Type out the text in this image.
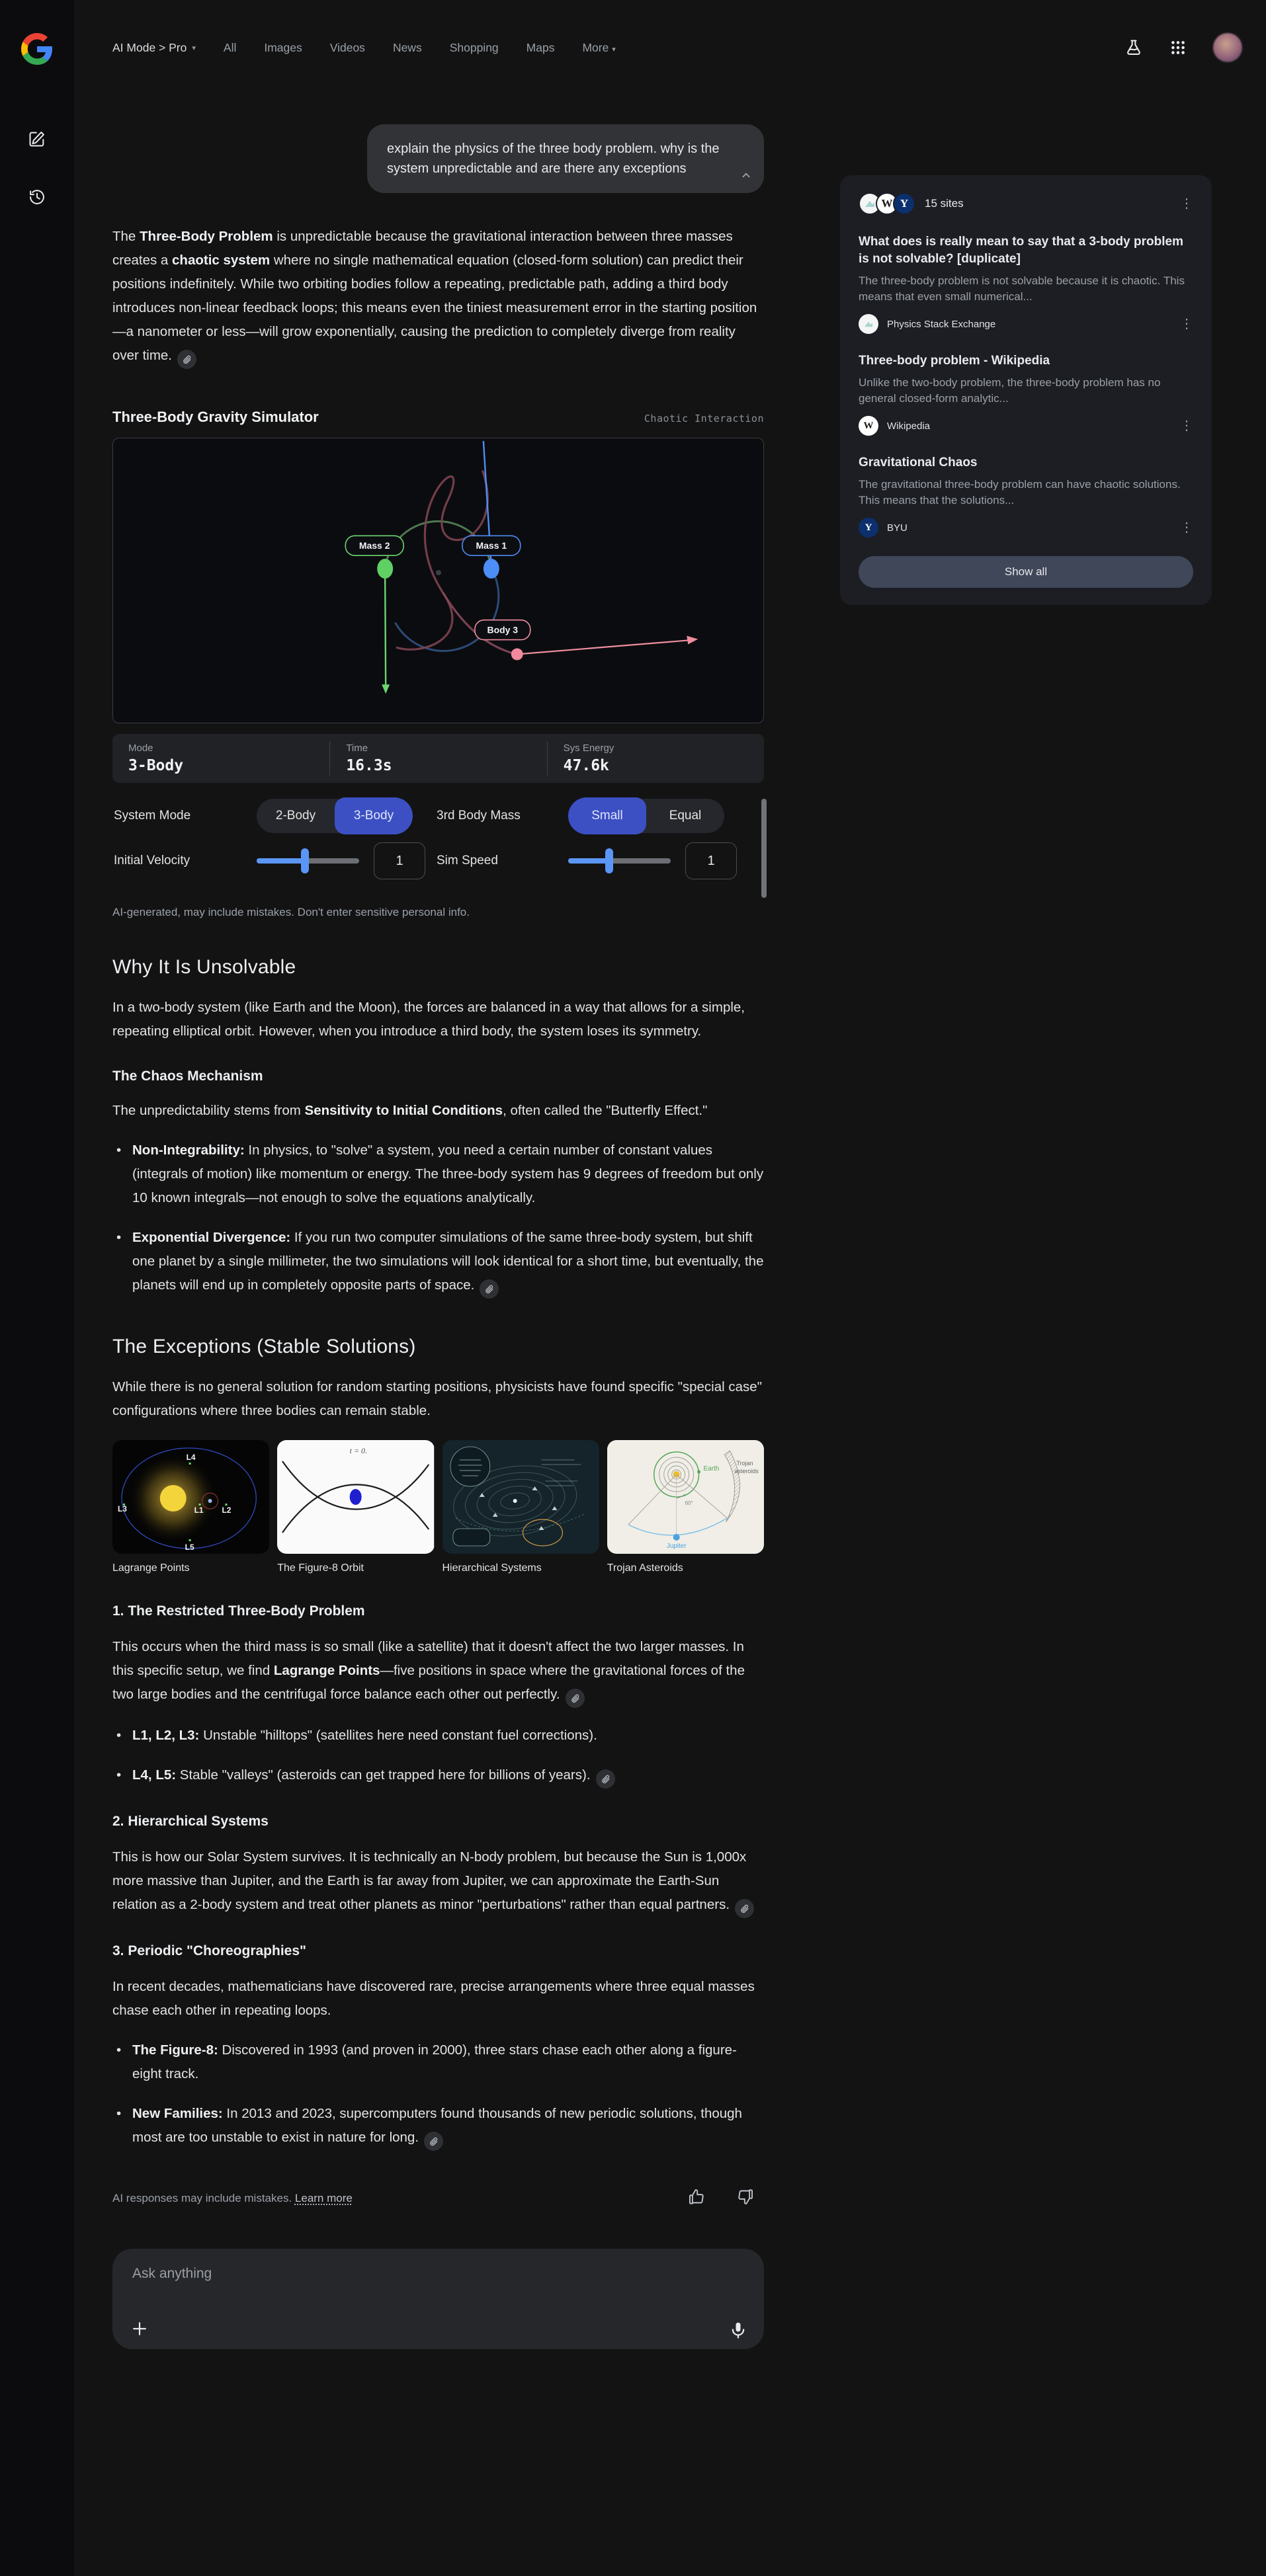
AI Mode > Pro ▾ All Images Videos News Shopping Maps More ▾
explain the physics of the three body problem. why is the system unpredictable and are there any exceptions

The Three-Body Problem is unpredictable because the gravitational interaction between three masses creates a chaotic system where no single mathematical equation (closed-form solution) can predict their positions indefinitely. While two orbiting bodies follow a repeating, predictable path, adding a third body introduces non-linear feedback loops; this means even the tiniest measurement error in the starting position—a nanometer or less—will grow exponentially, causing the prediction to completely diverge from reality over time.

Three-Body Gravity Simulator	Chaotic Interaction
Mass 2	Mass 1
Body 3
Mode
3-Body
Time
16.3s
Sys Energy
47.6k
System Mode	2-Body	3-Body	3rd Body Mass	Small	Equal
Initial Velocity
1	Sim Speed
1
AI-generated, may include mistakes. Don't enter sensitive personal info.
Why It Is Unsolvable

In a two-body system (like Earth and the Moon), the forces are balanced in a way that allows for a simple, repeating elliptical orbit. However, when you introduce a third body, the system loses its symmetry.

The Chaos Mechanism

The unpredictability stems from Sensitivity to Initial Conditions, often called the "Butterfly Effect."

• Non-Integrability: In physics, to "solve" a system, you need a certain number of constant values (integrals of motion) like momentum or energy. The three-body system has 9 degrees of freedom but only 10 known integrals—not enough to solve the equations analytically.
• Exponential Divergence: If you run two computer simulations of the same three-body system, but shift one planet by a single millimeter, the two simulations will look identical for a short time, but eventually, the planets will end up in completely opposite parts of space.
The Exceptions (Stable Solutions)

While there is no general solution for random starting positions, physicists have found specific "special case" configurations where three bodies can remain stable.

L4
L3	L1 L2
L5
Lagrange Points
t = 0.
The Figure-8 Orbit	Hierarchical Systems
60°
Earth
Jupiter
Trojan
asteroids
Trojan Asteroids
1. The Restricted Three-Body Problem

This occurs when the third mass is so small (like a satellite) that it doesn't affect the two larger masses. In this specific setup, we find Lagrange Points—five positions in space where the gravitational forces of the two large bodies and the centrifugal force balance each other out perfectly.

• L1, L2, L3: Unstable "hilltops" (satellites here need constant fuel corrections).
• L4, L5: Stable "valleys" (asteroids can get trapped here for billions of years).
2. Hierarchical Systems

This is how our Solar System survives. It is technically an N-body problem, but because the Sun is 1,000x more massive than Jupiter, and the Earth is far away from Jupiter, we can approximate the Earth-Sun relation as a 2-body system and treat other planets as minor "perturbations" rather than equal partners.

3. Periodic "Choreographies"

In recent decades, mathematicians have discovered rare, precise arrangements where three equal masses chase each other in repeating loops.

• The Figure-8: Discovered in 1993 (and proven in 2000), three stars chase each other along a figure-eight track.
• New Families: In 2013 and 2023, supercomputers found thousands of new periodic solutions, though most are too unstable to exist in nature for long.
AI responses may include mistakes. Learn more
Ask anything
W Y	15 sites	⋮
What does is really mean to say that a 3-body problem is not solvable? [duplicate]
The three-body problem is not solvable because it is chaotic. This means that even small numerical...
Physics Stack Exchange	⋮
Three-body problem - Wikipedia
Unlike the two-body problem, the three-body problem has no general closed-form analytic...
W	Wikipedia	⋮
Gravitational Chaos
The gravitational three-body problem can have chaotic solutions. This means that the solutions...
Y	BYU	⋮
Show all
